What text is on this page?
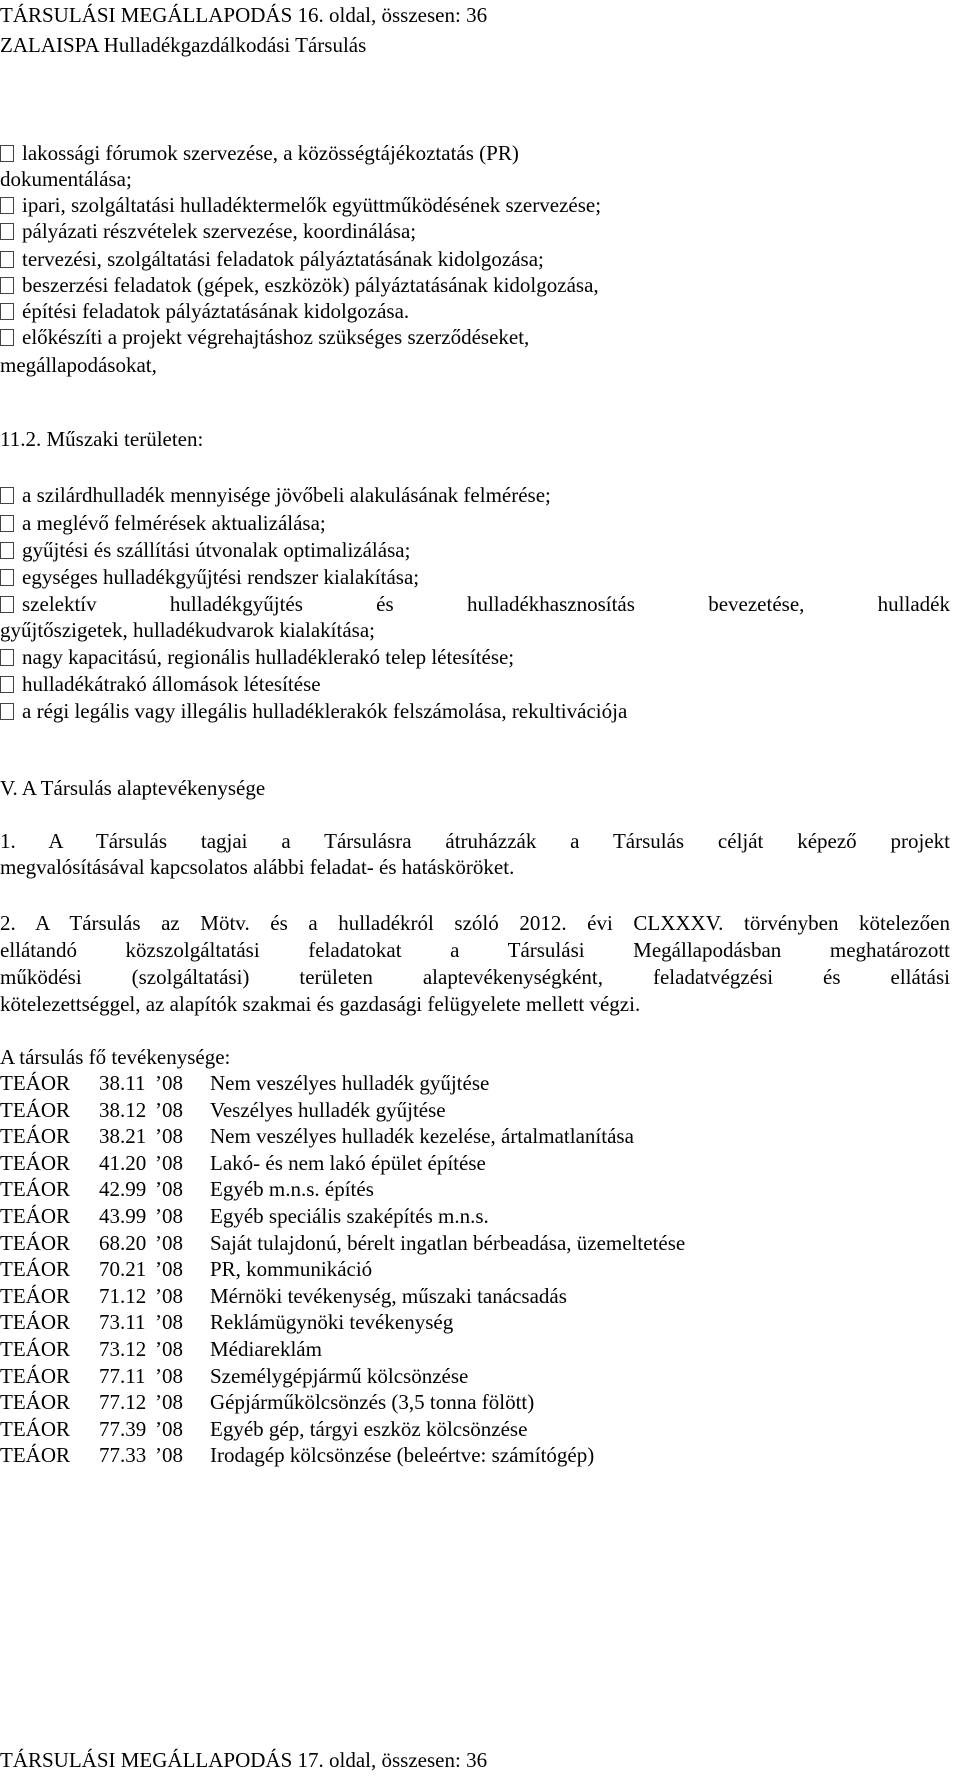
TÁRSULÁSI MEGÁLLAPODÁS 16. oldal, összesen: 36
ZALAISPA Hulladékgazdálkodási Társulás
lakossági fórumok szervezése, a közösségtájékoztatás (PR)
dokumentálása;
ipari, szolgáltatási hulladéktermelők együttműködésének szervezése;
pályázati részvételek szervezése, koordinálása;
tervezési, szolgáltatási feladatok pályáztatásának kidolgozása;
beszerzési feladatok (gépek, eszközök) pályáztatásának kidolgozása,
építési feladatok pályáztatásának kidolgozása.
előkészíti a projekt végrehajtáshoz szükséges szerződéseket,
megállapodásokat,
11.2. Műszaki területen:
a szilárdhulladék mennyisége jövőbeli alakulásának felmérése;
a meglévő felmérések aktualizálása;
gyűjtési és szállítási útvonalak optimalizálása;
egységes hulladékgyűjtési rendszer kialakítása;
szelektív hulladékgyűjtés és hulladékhasznosítás bevezetése, hulladék
gyűjtőszigetek, hulladékudvarok kialakítása;
nagy kapacitású, regionális hulladéklerakó telep létesítése;
hulladékátrakó állomások létesítése
a régi legális vagy illegális hulladéklerakók felszámolása, rekultivációja
V. A Társulás alaptevékenysége
1. A Társulás tagjai a Társulásra átruházzák a Társulás célját képező projekt
megvalósításával kapcsolatos alábbi feladat- és hatásköröket.
2. A Társulás az Mötv. és a hulladékról szóló 2012. évi CLXXXV. törvényben kötelezően
ellátandó közszolgáltatási feladatokat a Társulási Megállapodásban meghatározott
működési (szolgáltatási) területen alaptevékenységként, feladatvégzési és ellátási
kötelezettséggel, az alapítók szakmai és gazdasági felügyelete mellett végzi.
A társulás fő tevékenysége:
TEÁOR	38.11 ’08	Nem veszélyes hulladék gyűjtése
TEÁOR	38.12 ’08	Veszélyes hulladék gyűjtése
TEÁOR	38.21 ’08	Nem veszélyes hulladék kezelése, ártalmatlanítása
TEÁOR	41.20 ’08	Lakó- és nem lakó épület építése
TEÁOR	42.99 ’08	Egyéb m.n.s. építés
TEÁOR	43.99 ’08	Egyéb speciális szaképítés m.n.s.
TEÁOR	68.20 ’08	Saját tulajdonú, bérelt ingatlan bérbeadása, üzemeltetése
TEÁOR	70.21 ’08	PR, kommunikáció
TEÁOR	71.12 ’08	Mérnöki tevékenység, műszaki tanácsadás
TEÁOR	73.11 ’08	Reklámügynöki tevékenység
TEÁOR	73.12 ’08	Médiareklám
TEÁOR	77.11 ’08	Személygépjármű kölcsönzése
TEÁOR	77.12 ’08	Gépjárműkölcsönzés (3,5 tonna fölött)
TEÁOR	77.39 ’08	Egyéb gép, tárgyi eszköz kölcsönzése
TEÁOR	77.33 ’08	Irodagép kölcsönzése (beleértve: számítógép)
TÁRSULÁSI MEGÁLLAPODÁS 17. oldal, összesen: 36
